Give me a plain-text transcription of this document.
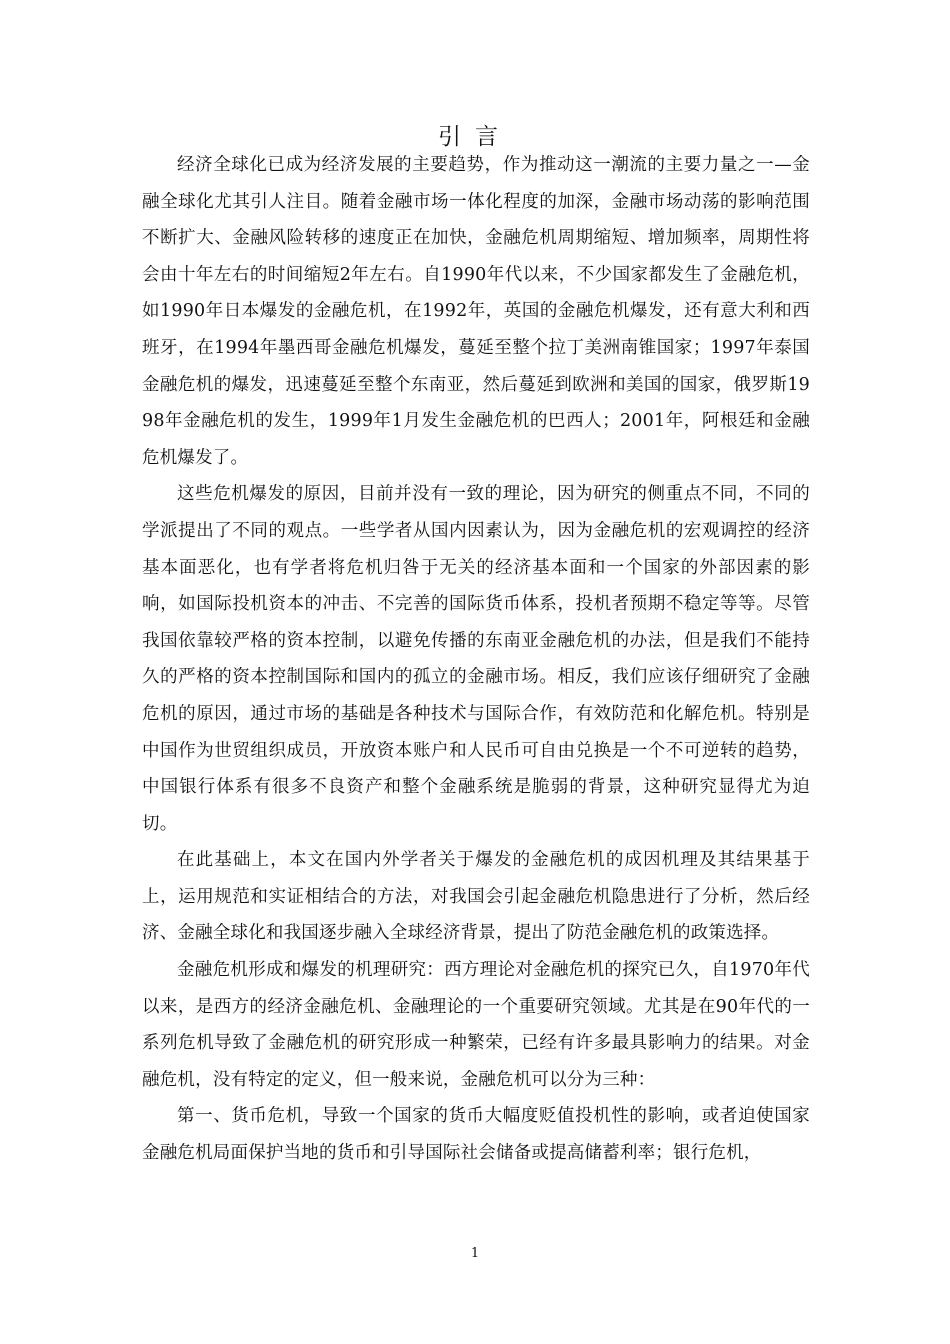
引言

经济全球化已成为经济发展的主要趋势，作为推动这一潮流的主要力量之一—金融全球化尤其引人注目。随着金融市场一体化程度的加深，金融市场动荡的影响范围不断扩大、金融风险转移的速度正在加快，金融危机周期缩短、增加频率，周期性将会由十年左右的时间缩短2年左右。自1990年代以来，不少国家都发生了金融危机，如1990年日本爆发的金融危机，在1992年，英国的金融危机爆发，还有意大利和西班牙，在1994年墨西哥金融危机爆发，蔓延至整个拉丁美洲南锥国家；1997年泰国金融危机的爆发，迅速蔓延至整个东南亚，然后蔓延到欧洲和美国的国家，俄罗斯1998年金融危机的发生，1999年1月发生金融危机的巴西人；2001年，阿根廷和金融危机爆发了。

这些危机爆发的原因，目前并没有一致的理论，因为研究的侧重点不同，不同的学派提出了不同的观点。一些学者从国内因素认为，因为金融危机的宏观调控的经济基本面恶化，也有学者将危机归咎于无关的经济基本面和一个国家的外部因素的影响，如国际投机资本的冲击、不完善的国际货币体系，投机者预期不稳定等等。尽管我国依靠较严格的资本控制，以避免传播的东南亚金融危机的办法，但是我们不能持久的严格的资本控制国际和国内的孤立的金融市场。相反，我们应该仔细研究了金融危机的原因，通过市场的基础是各种技术与国际合作，有效防范和化解危机。特别是中国作为世贸组织成员，开放资本账户和人民币可自由兑换是一个不可逆转的趋势，中国银行体系有很多不良资产和整个金融系统是脆弱的背景，这种研究显得尤为迫切。

在此基础上，本文在国内外学者关于爆发的金融危机的成因机理及其结果基于上，运用规范和实证相结合的方法，对我国会引起金融危机隐患进行了分析，然后经济、金融全球化和我国逐步融入全球经济背景，提出了防范金融危机的政策选择。

金融危机形成和爆发的机理研究：西方理论对金融危机的探究已久，自1970年代以来，是西方的经济金融危机、金融理论的一个重要研究领域。尤其是在90年代的一系列危机导致了金融危机的研究形成一种繁荣，已经有许多最具影响力的结果。对金融危机，没有特定的定义，但一般来说，金融危机可以分为三种：

第一、货币危机，导致一个国家的货币大幅度贬值投机性的影响，或者迫使国家金融危机局面保护当地的货币和引导国际社会储备或提高储蓄利率；银行危机，

1
